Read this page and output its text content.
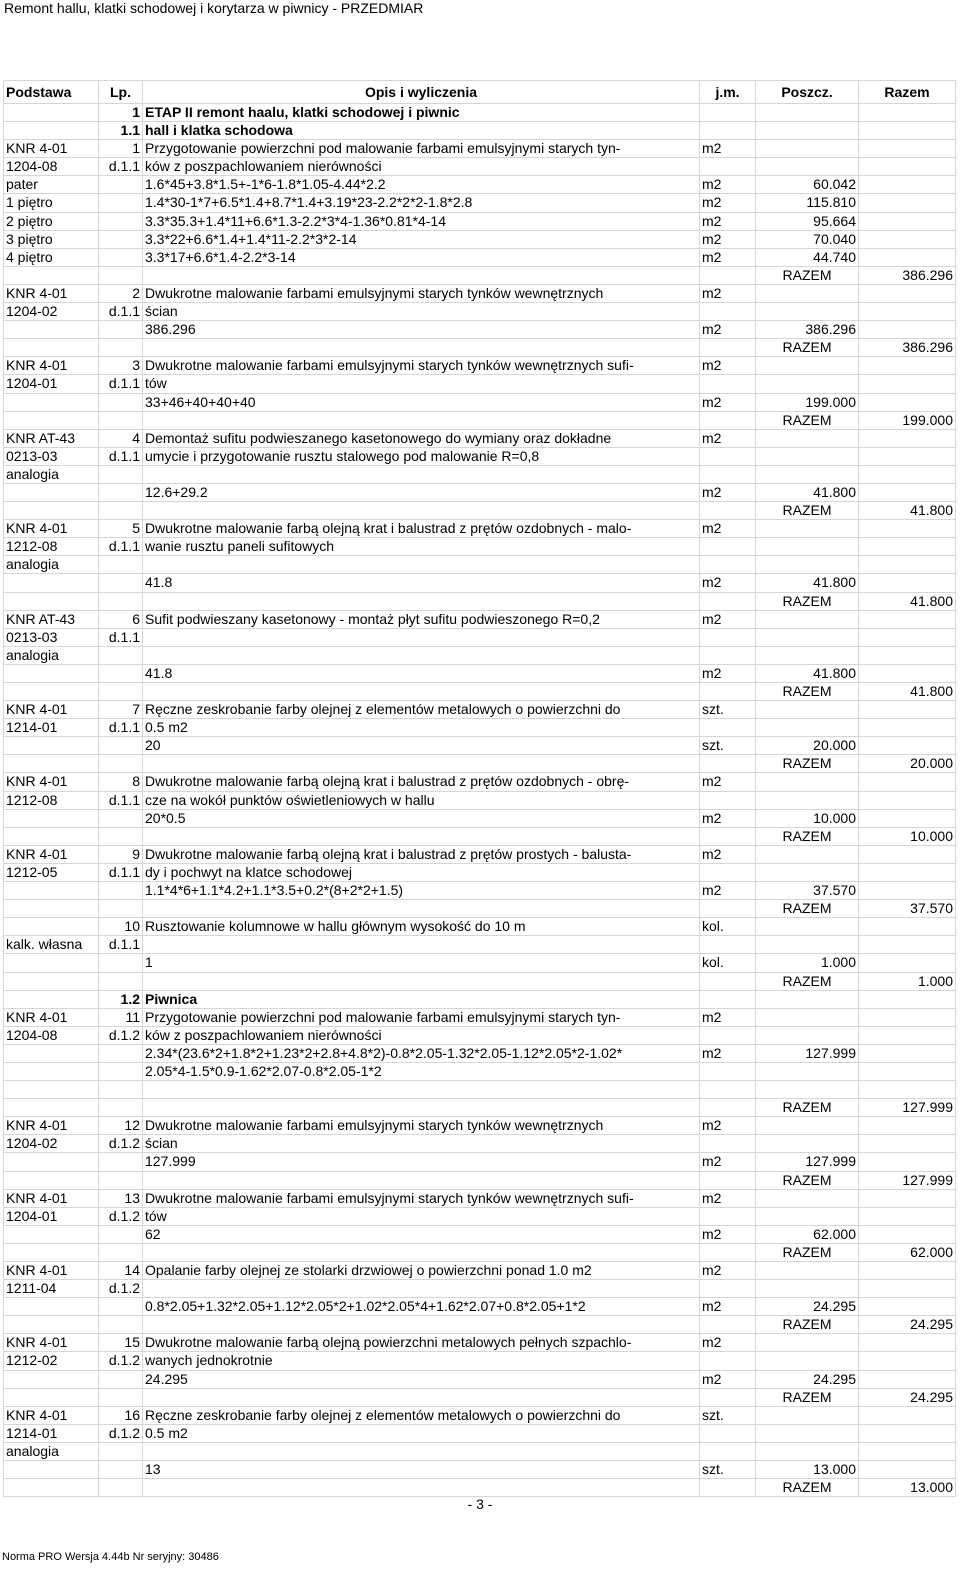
Remont hallu, klatki schodowej i korytarza w piwnicy - PRZEDMIAR
Podstawa	Lp.	Opis i wyliczenia	j.m.	Poszcz.	Razem
	1	ETAP II remont haalu, klatki schodowej i piwnic			
	1.1	hall i klatka schodowa			
KNR 4-01	1	Przygotowanie powierzchni pod malowanie farbami emulsyjnymi starych tyn-	m2		
1204-08	d.1.1	ków z poszpachlowaniem nierówności			
pater		1.6*45+3.8*1.5+-1*6-1.8*1.05-4.44*2.2	m2	60.042	
1 piętro		1.4*30-1*7+6.5*1.4+8.7*1.4+3.19*23-2.2*2*2-1.8*2.8	m2	115.810	
2 piętro		3.3*35.3+1.4*11+6.6*1.3-2.2*3*4-1.36*0.81*4-14	m2	95.664	
3 piętro		3.3*22+6.6*1.4+1.4*11-2.2*3*2-14	m2	70.040	
4 piętro		3.3*17+6.6*1.4-2.2*3-14	m2	44.740	
				RAZEM	386.296
KNR 4-01	2	Dwukrotne malowanie farbami emulsyjnymi starych tynków wewnętrznych	m2		
1204-02	d.1.1	ścian			
		386.296	m2	386.296	
				RAZEM	386.296
KNR 4-01	3	Dwukrotne malowanie farbami emulsyjnymi starych tynków wewnętrznych sufi-	m2		
1204-01	d.1.1	tów			
		33+46+40+40+40	m2	199.000	
				RAZEM	199.000
KNR AT-43	4	Demontaż sufitu podwieszanego kasetonowego do wymiany oraz dokładne	m2		
0213-03	d.1.1	umycie i przygotowanie rusztu stalowego pod malowanie R=0,8			
analogia					
		12.6+29.2	m2	41.800	
				RAZEM	41.800
KNR 4-01	5	Dwukrotne malowanie farbą olejną krat i balustrad z prętów ozdobnych - malo-	m2		
1212-08	d.1.1	wanie rusztu paneli sufitowych			
analogia					
		41.8	m2	41.800	
				RAZEM	41.800
KNR AT-43	6	Sufit podwieszany kasetonowy - montaż płyt sufitu podwieszonego R=0,2	m2		
0213-03	d.1.1				
analogia					
		41.8	m2	41.800	
				RAZEM	41.800
KNR 4-01	7	Ręczne zeskrobanie farby olejnej z elementów metalowych o powierzchni do	szt.		
1214-01	d.1.1	0.5 m2			
		20	szt.	20.000	
				RAZEM	20.000
KNR 4-01	8	Dwukrotne malowanie farbą olejną krat i balustrad z prętów ozdobnych - obrę-	m2		
1212-08	d.1.1	cze na wokół punktów oświetleniowych w hallu			
		20*0.5	m2	10.000	
				RAZEM	10.000
KNR 4-01	9	Dwukrotne malowanie farbą olejną krat i balustrad z prętów prostych - balusta-	m2		
1212-05	d.1.1	dy i pochwyt na klatce schodowej			
		1.1*4*6+1.1*4.2+1.1*3.5+0.2*(8+2*2+1.5)	m2	37.570	
				RAZEM	37.570
	10	Rusztowanie kolumnowe w hallu głównym wysokość do 10 m	kol.		
kalk. własna	d.1.1				
		1	kol.	1.000	
				RAZEM	1.000
	1.2	Piwnica			
KNR 4-01	11	Przygotowanie powierzchni pod malowanie farbami emulsyjnymi starych tyn-	m2		
1204-08	d.1.2	ków z poszpachlowaniem nierówności			
		2.34*(23.6*2+1.8*2+1.23*2+2.8+4.8*2)-0.8*2.05-1.32*2.05-1.12*2.05*2-1.02*	m2	127.999	
		2.05*4-1.5*0.9-1.62*2.07-0.8*2.05-1*2			

				RAZEM	127.999
KNR 4-01	12	Dwukrotne malowanie farbami emulsyjnymi starych tynków wewnętrznych	m2		
1204-02	d.1.2	ścian			
		127.999	m2	127.999	
				RAZEM	127.999
KNR 4-01	13	Dwukrotne malowanie farbami emulsyjnymi starych tynków wewnętrznych sufi-	m2		
1204-01	d.1.2	tów			
		62	m2	62.000	
				RAZEM	62.000
KNR 4-01	14	Opalanie farby olejnej ze stolarki drzwiowej o powierzchni ponad 1.0 m2	m2		
1211-04	d.1.2				
		0.8*2.05+1.32*2.05+1.12*2.05*2+1.02*2.05*4+1.62*2.07+0.8*2.05+1*2	m2	24.295	
				RAZEM	24.295
KNR 4-01	15	Dwukrotne malowanie farbą olejną powierzchni metalowych pełnych szpachlo-	m2		
1212-02	d.1.2	wanych jednokrotnie			
		24.295	m2	24.295	
				RAZEM	24.295
KNR 4-01	16	Ręczne zeskrobanie farby olejnej z elementów metalowych o powierzchni do	szt.		
1214-01	d.1.2	0.5 m2			
analogia					
		13	szt.	13.000	
				RAZEM	13.000
- 3 -
Norma PRO Wersja 4.44b Nr seryjny: 30486
